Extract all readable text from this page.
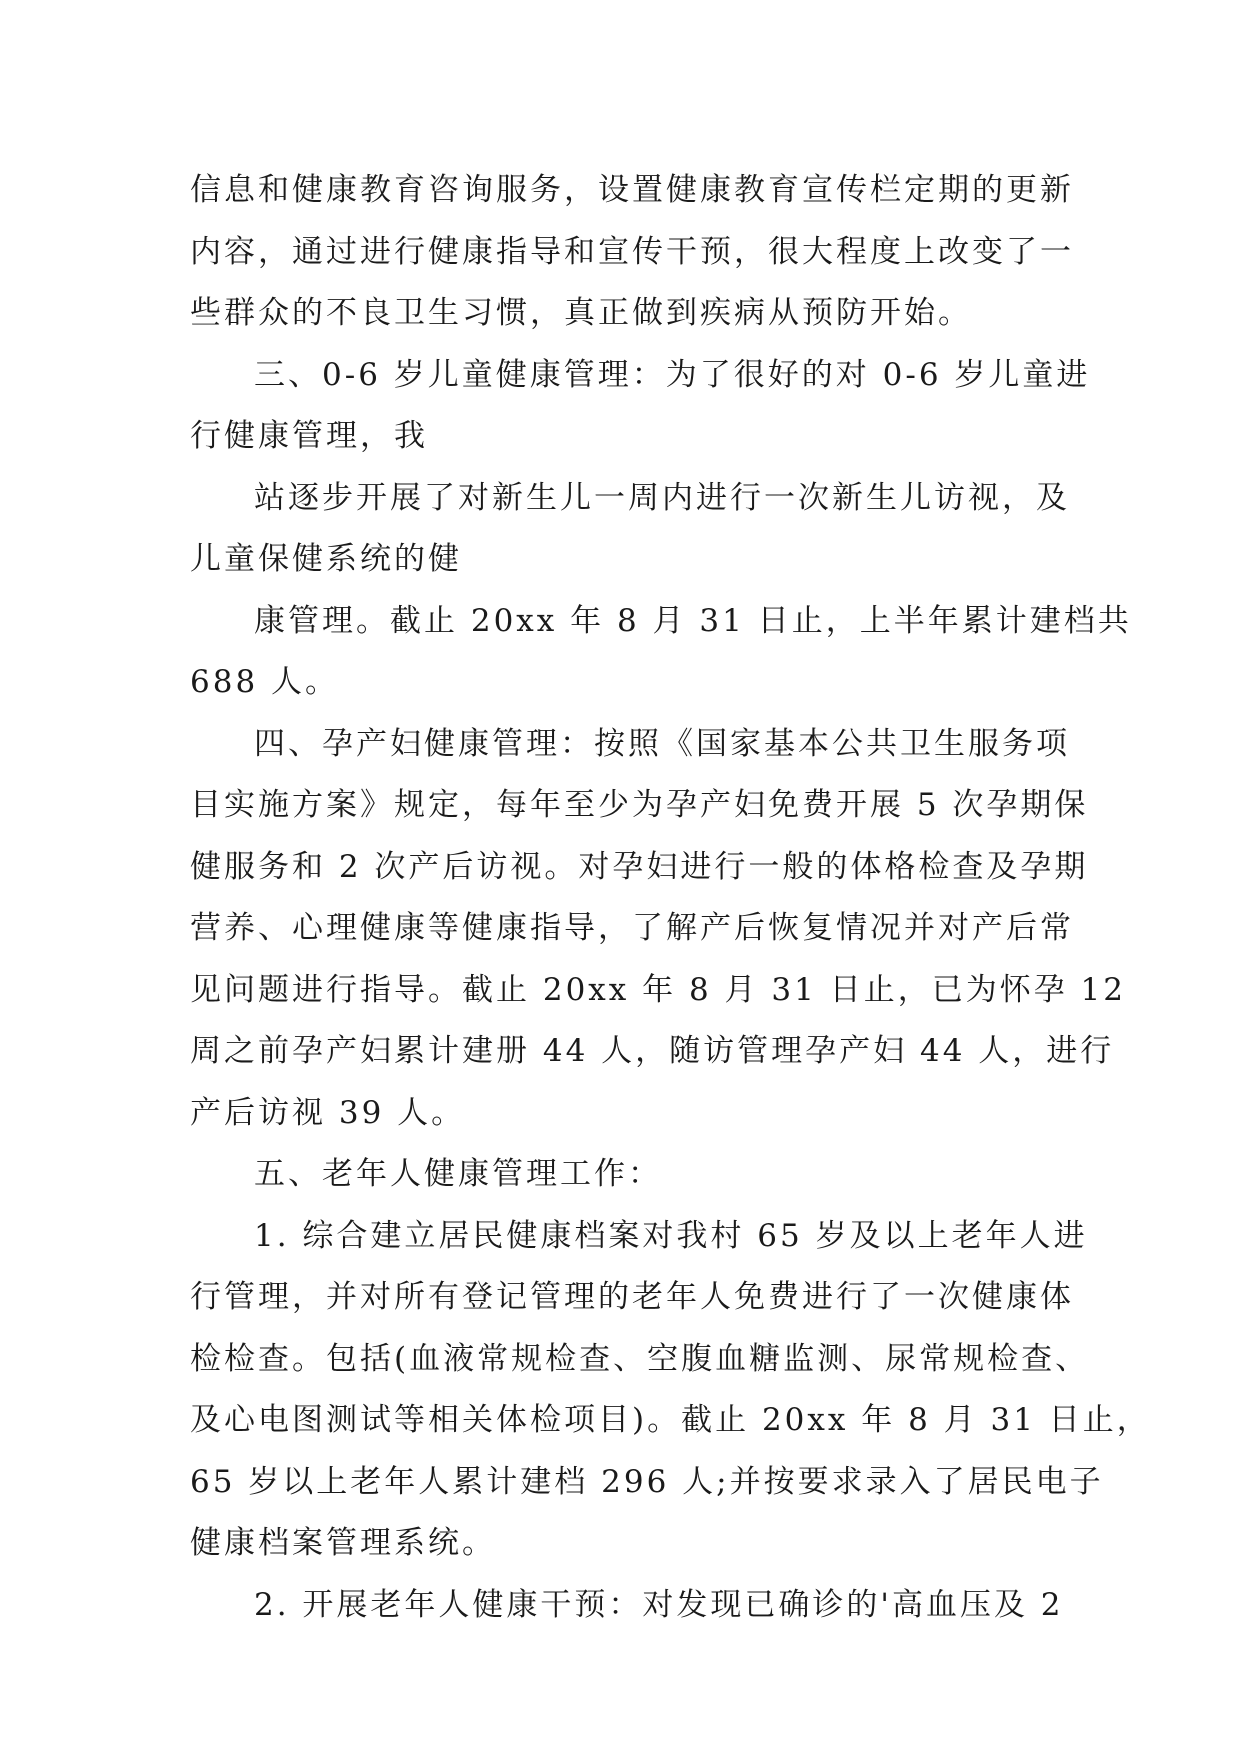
信息和健康教育咨询服务，设置健康教育宣传栏定期的更新
内容，通过进行健康指导和宣传干预，很大程度上改变了一
些群众的不良卫生习惯，真正做到疾病从预防开始。
三、0-6 岁儿童健康管理：为了很好的对 0-6 岁儿童进
行健康管理，我
站逐步开展了对新生儿一周内进行一次新生儿访视，及
儿童保健系统的健
康管理。截止 20xx 年 8 月 31 日止，上半年累计建档共
688 人。
四、孕产妇健康管理：按照《国家基本公共卫生服务项
目实施方案》规定，每年至少为孕产妇免费开展 5 次孕期保
健服务和 2 次产后访视。对孕妇进行一般的体格检查及孕期
营养、心理健康等健康指导，了解产后恢复情况并对产后常
见问题进行指导。截止 20xx 年 8 月 31 日止，已为怀孕 12
周之前孕产妇累计建册 44 人，随访管理孕产妇 44 人，进行
产后访视 39 人。
五、老年人健康管理工作：
1. 综合建立居民健康档案对我村 65 岁及以上老年人进
行管理，并对所有登记管理的老年人免费进行了一次健康体
检检查。包括(血液常规检查、空腹血糖监测、尿常规检查、
及心电图测试等相关体检项目)。截止 20xx 年 8 月 31 日止，
65 岁以上老年人累计建档 296 人;并按要求录入了居民电子
健康档案管理系统。
2. 开展老年人健康干预：对发现已确诊的'高血压及 2
